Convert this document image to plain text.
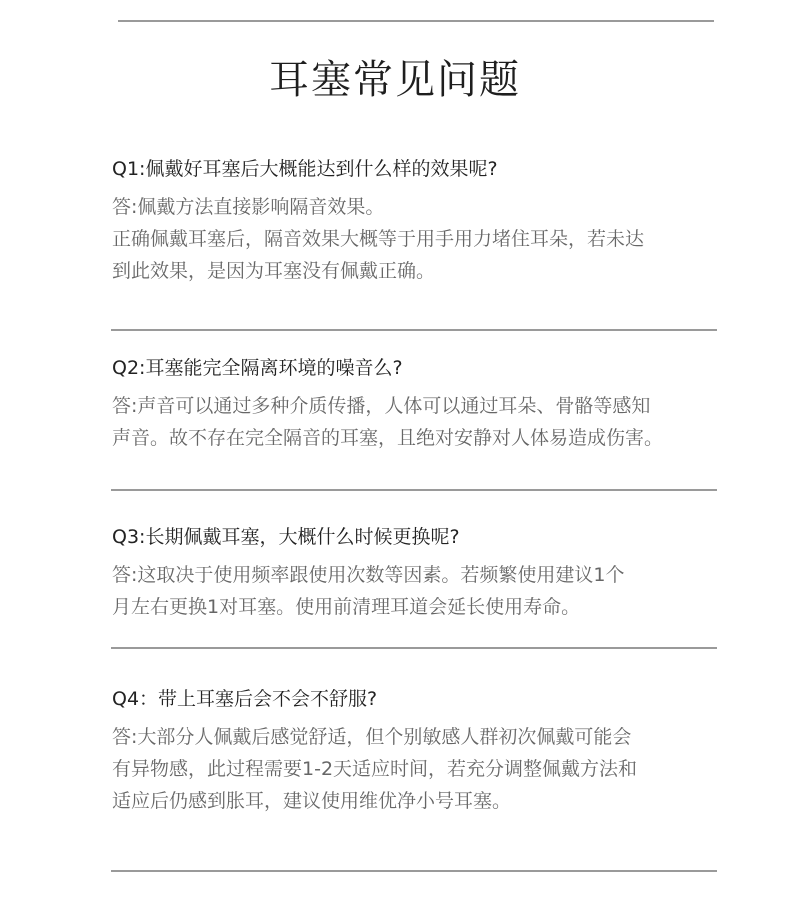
耳塞常见问题
Q1:佩戴好耳塞后大概能达到什么样的效果呢?
答:佩戴方法直接影响隔音效果。
正确佩戴耳塞后，隔音效果大概等于用手用力堵住耳朵，若未达
到此效果，是因为耳塞没有佩戴正确。
Q2:耳塞能完全隔离环境的噪音么?
答:声音可以通过多种介质传播，人体可以通过耳朵、骨骼等感知
声音。故不存在完全隔音的耳塞，且绝对安静对人体易造成伤害。
Q3:长期佩戴耳塞，大概什么时候更换呢?
答:这取决于使用频率跟使用次数等因素。若频繁使用建议1个
月左右更换1对耳塞。使用前清理耳道会延长使用寿命。
Q4：带上耳塞后会不会不舒服?
答:大部分人佩戴后感觉舒适，但个别敏感人群初次佩戴可能会
有异物感，此过程需要1-2天适应时间，若充分调整佩戴方法和
适应后仍感到胀耳，建议使用维优净小号耳塞。
